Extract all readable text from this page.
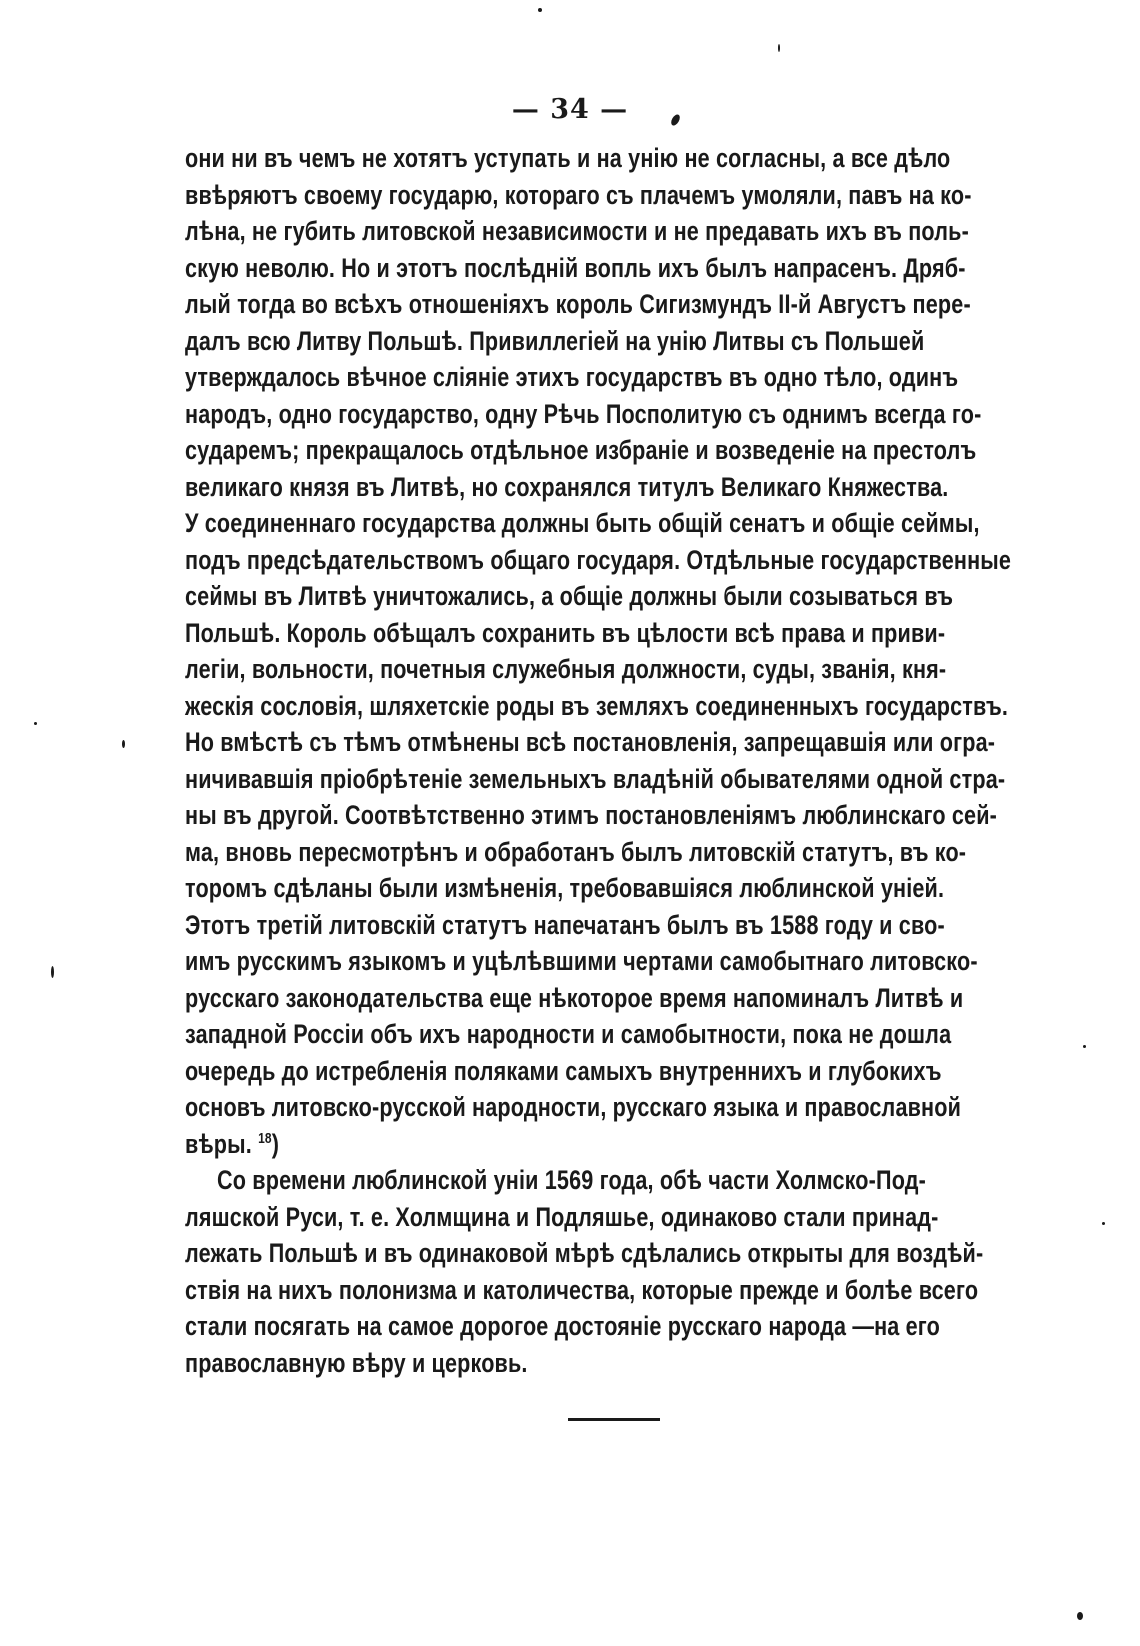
— 34 —
они ни въ чемъ не хотятъ уступать и на унію не согласны, а все дѣло
ввѣряютъ своему государю, котораго съ плачемъ умоляли, павъ на ко-
лѣна, не губить литовской независимости и не предавать ихъ въ поль-
скую неволю. Но и этотъ послѣдній вопль ихъ былъ напрасенъ. Дряб-
лый тогда во всѣхъ отношеніяхъ король Сигизмундъ II-й Августъ пере-
далъ всю Литву Польшѣ. Привиллегіей на унію Литвы съ Польшей
утверждалось вѣчное сліяніе этихъ государствъ въ одно тѣло, одинъ
народъ, одно государство, одну Рѣчь Посполитую съ однимъ всегда го-
сударемъ; прекращалось отдѣльное избраніе и возведеніе на престолъ
великаго князя въ Литвѣ, но сохранялся титулъ Великаго Княжества.
У соединеннаго государства должны быть общій сенатъ и общіе сеймы,
подъ предсѣдательствомъ общаго государя. Отдѣльные государственные
сеймы въ Литвѣ уничтожались, а общіе должны были созываться въ
Польшѣ. Король обѣщалъ сохранить въ цѣлости всѣ права и приви-
легіи, вольности, почетныя служебныя должности, суды, званія, кня-
жескія сословія, шляхетскіе роды въ земляхъ соединенныхъ государствъ.
Но вмѣстѣ съ тѣмъ отмѣнены всѣ постановленія, запрещавшія или огра-
ничивавшія пріобрѣтеніе земельныхъ владѣній обывателями одной стра-
ны въ другой. Соотвѣтственно этимъ постановленіямъ люблинскаго сей-
ма, вновь пересмотрѣнъ и обработанъ былъ литовскій статутъ, въ ко-
торомъ сдѣланы были измѣненія, требовавшіяся люблинской уніей.
Этотъ третій литовскій статутъ напечатанъ былъ въ 1588 году и сво-
имъ русскимъ языкомъ и уцѣлѣвшими чертами самобытнаго литовско-
русскаго законодательства еще нѣкоторое время напоминалъ Литвѣ и
западной Россіи объ ихъ народности и самобытности, пока не дошла
очередь до истребленія поляками самыхъ внутреннихъ и глубокихъ
основъ литовско-русской народности, русскаго языка и православной
вѣры. $^{18}$)
Со времени люблинской уніи 1569 года, обѣ части Холмско-Под-
ляшской Руси, т. е. Холмщина и Подляшье, одинаково стали принад-
лежать Польшѣ и въ одинаковой мѣрѣ сдѣлались открыты для воздѣй-
ствія на нихъ полонизма и католичества, которые прежде и болѣе всего
стали посягать на самое дорогое достояніе русскаго народа —на его
православную вѣру и церковь.
